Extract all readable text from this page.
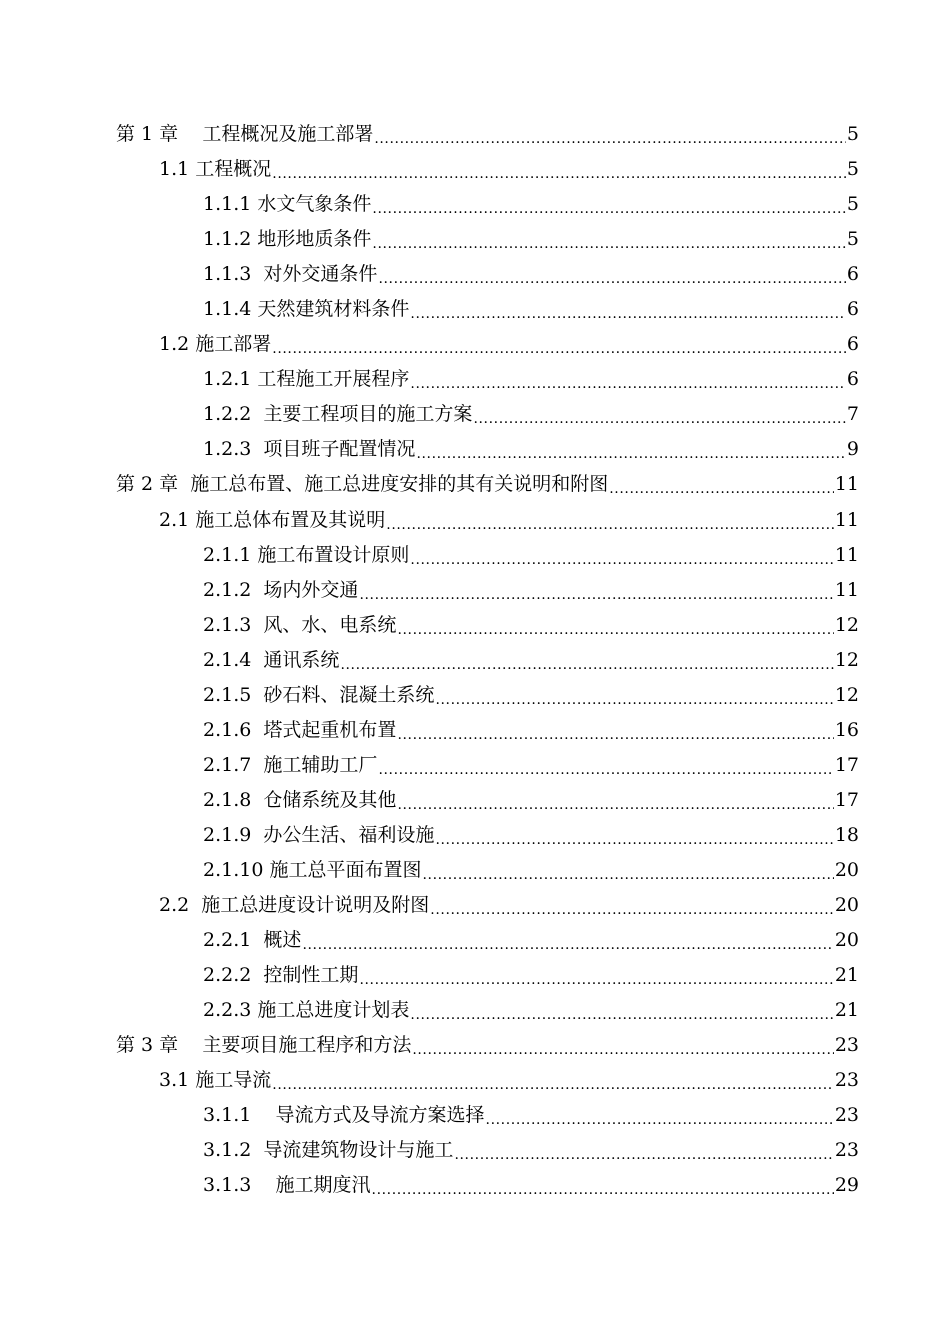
第 1 章    工程概况及施工部署 .....	5
1.1 工程概况 .....	5
1.1.1 水文气象条件 .....	5
1.1.2 地形地质条件 .....	5
1.1.3  对外交通条件 .....	6
1.1.4 天然建筑材料条件 .....	6
1.2 施工部署 .....	6
1.2.1 工程施工开展程序 .....	6
1.2.2  主要工程项目的施工方案 .....	7
1.2.3  项目班子配置情况 .....	9
第 2 章  施工总布置、施工总进度安排的其有关说明和附图 .....	11
2.1 施工总体布置及其说明 .....	11
2.1.1 施工布置设计原则 .....	11
2.1.2  场内外交通 .....	11
2.1.3  风、水、电系统 .....	12
2.1.4  通讯系统 .....	12
2.1.5  砂石料、混凝土系统 .....	12
2.1.6  塔式起重机布置 .....	16
2.1.7  施工辅助工厂 .....	17
2.1.8  仓储系统及其他 .....	17
2.1.9  办公生活、福利设施 .....	18
2.1.10 施工总平面布置图 .....	20
2.2  施工总进度设计说明及附图 .....	20
2.2.1  概述 .....	20
2.2.2  控制性工期 .....	21
2.2.3 施工总进度计划表 .....	21
第 3 章    主要项目施工程序和方法 .....	23
3.1 施工导流 .....	23
3.1.1    导流方式及导流方案选择 .....	23
3.1.2  导流建筑物设计与施工 .....	23
3.1.3    施工期度汛 .....	29
